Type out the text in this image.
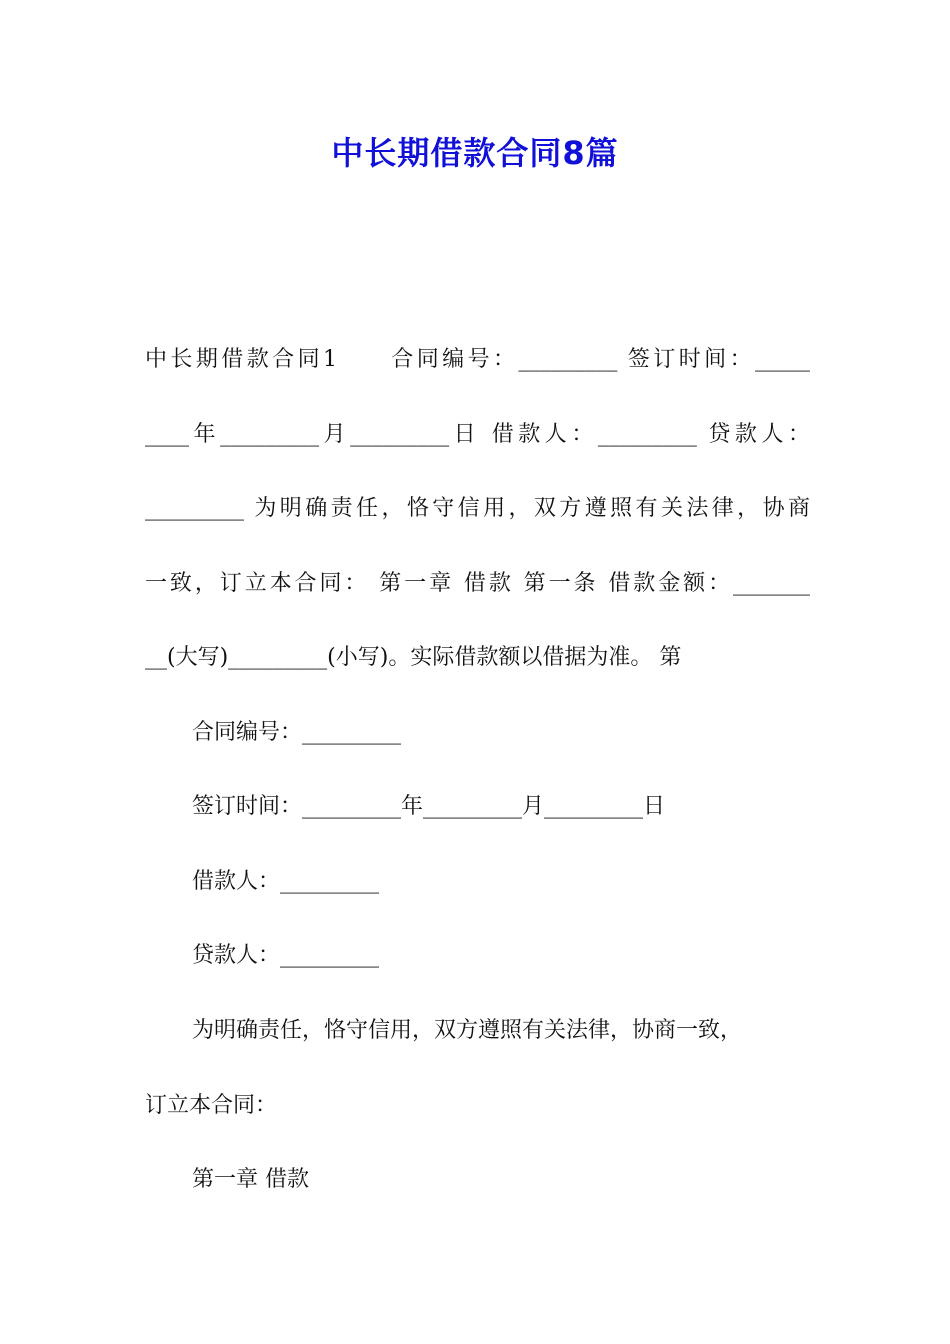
中长期借款合同8篇
中长期借款合同1　　合同编号：_________ 签订时间：_____
____年_________月_________日 借款人：_________ 贷款人：
_________ 为明确责任，恪守信用，双方遵照有关法律，协商
一致，订立本合同： 第一章 借款 第一条 借款金额：_______
__(大写)_________(小写)。实际借款额以借据为准。 第
合同编号：_________
签订时间：_________年_________月_________日
借款人：_________
贷款人：_________
为明确责任，恪守信用，双方遵照有关法律，协商一致，
订立本合同：
第一章 借款
